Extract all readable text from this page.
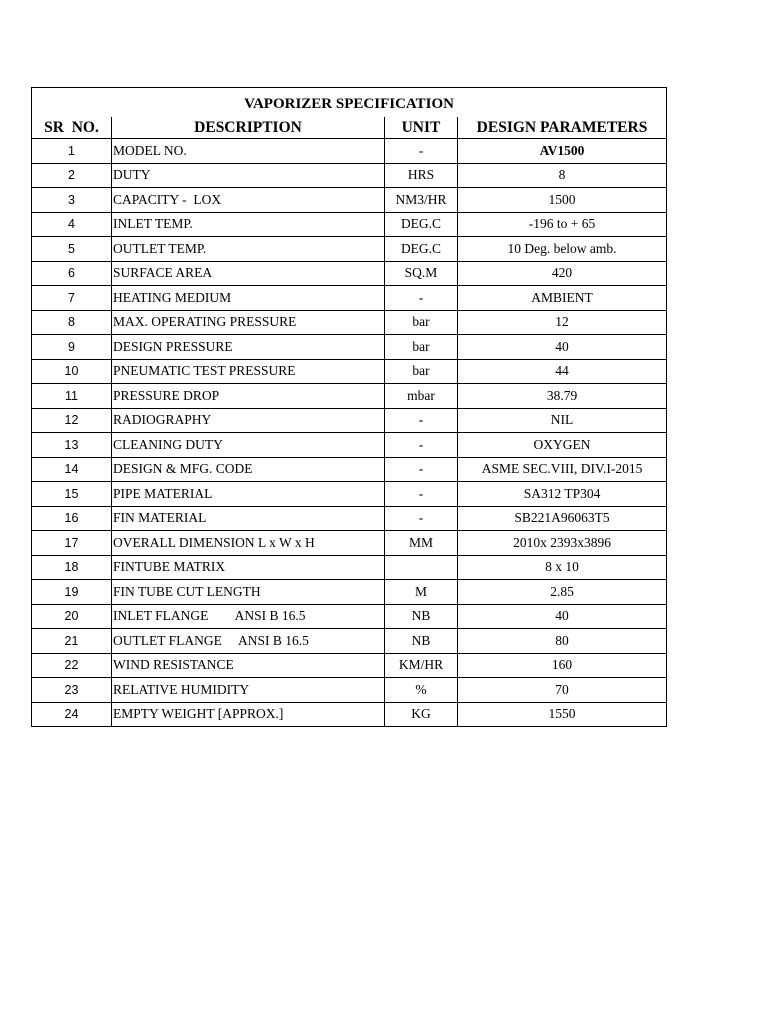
VAPORIZER SPECIFICATION			
SR  NO.	DESCRIPTION	UNIT	DESIGN PARAMETERS
1	MODEL NO.	-	AV1500
2	DUTY	HRS	8
3	CAPACITY -  LOX	NM3/HR	1500
4	INLET TEMP.	DEG.C	-196 to + 65
5	OUTLET TEMP.	DEG.C	10 Deg. below amb.
6	SURFACE AREA	SQ.M	420
7	HEATING MEDIUM	-	AMBIENT
8	MAX. OPERATING PRESSURE	bar	12
9	DESIGN PRESSURE	bar	40
10	PNEUMATIC TEST PRESSURE	bar	44
11	PRESSURE DROP	mbar	38.79
12	RADIOGRAPHY	-	NIL
13	CLEANING DUTY	-	OXYGEN
14	DESIGN & MFG. CODE	-	ASME SEC.VIII, DIV.I-2015
15	PIPE MATERIAL	-	SA312 TP304
16	FIN MATERIAL	-	SB221A96063T5
17	OVERALL DIMENSION L x W x H	MM	2010x 2393x3896
18	FINTUBE MATRIX		8 x 10
19	FIN TUBE CUT LENGTH	M	2.85
20	INLET FLANGE        ANSI B 16.5	NB	40
21	OUTLET FLANGE     ANSI B 16.5	NB	80
22	WIND RESISTANCE	KM/HR	160
23	RELATIVE HUMIDITY	%	70
24	EMPTY WEIGHT [APPROX.]	KG	1550
